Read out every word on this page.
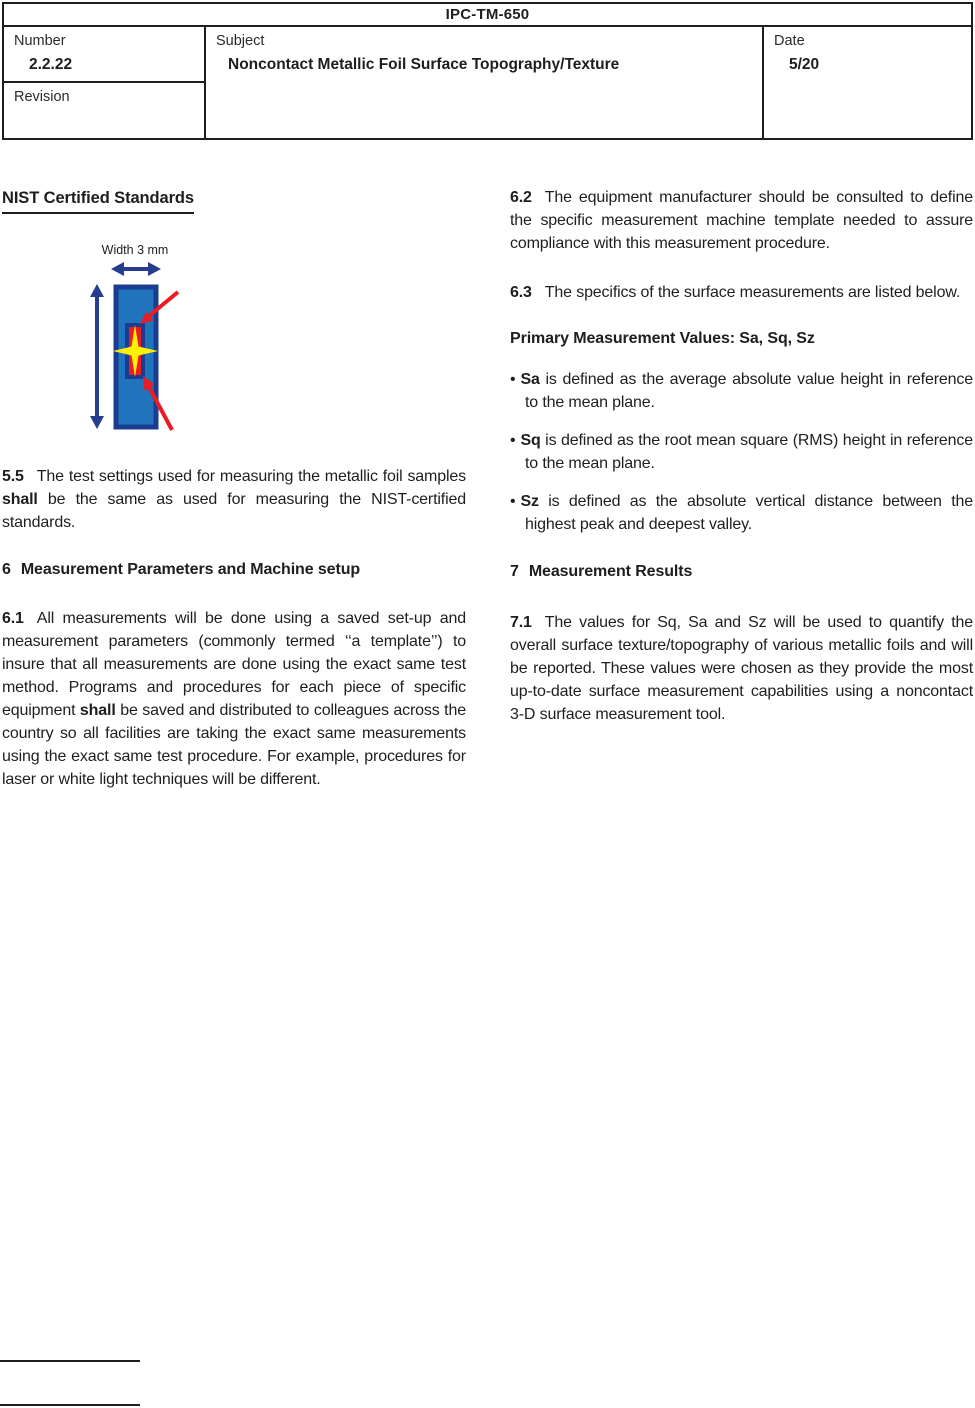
IPC-TM-650
Number
2.2.22
Revision
Subject
Noncontact Metallic Foil Surface Topography/Texture
Date
5/20
NIST Certified Standards
Width 3 mm

5.5 The test settings used for measuring the metallic foil samples shall be the same as used for measuring the NIST-certified standards.

6 Measurement Parameters and Machine setup

6.1 All measurements will be done using a saved set-up and measurement parameters (commonly termed ‘‘a template’’) to insure that all measurements are done using the exact same test method. Programs and procedures for each piece of specific equipment shall be saved and distributed to colleagues across the country so all facilities are taking the exact same measurements using the exact same test procedure. For example, procedures for laser or white light techniques will be different.

6.2 The equipment manufacturer should be consulted to define the specific measurement machine template needed to assure compliance with this measurement procedure.

6.3 The specifics of the surface measurements are listed below.

Primary Measurement Values: Sa, Sq, Sz
• Sa is defined as the average absolute value height in reference to the mean plane.
• Sq is defined as the root mean square (RMS) height in reference to the mean plane.
• Sz is defined as the absolute vertical distance between the highest peak and deepest valley.
7 Measurement Results

7.1 The values for Sq, Sa and Sz will be used to quantify the overall surface texture/topography of various metallic foils and will be reported. These values were chosen as they provide the most up-to-date surface measurement capabilities using a noncontact 3-D surface measurement tool.
